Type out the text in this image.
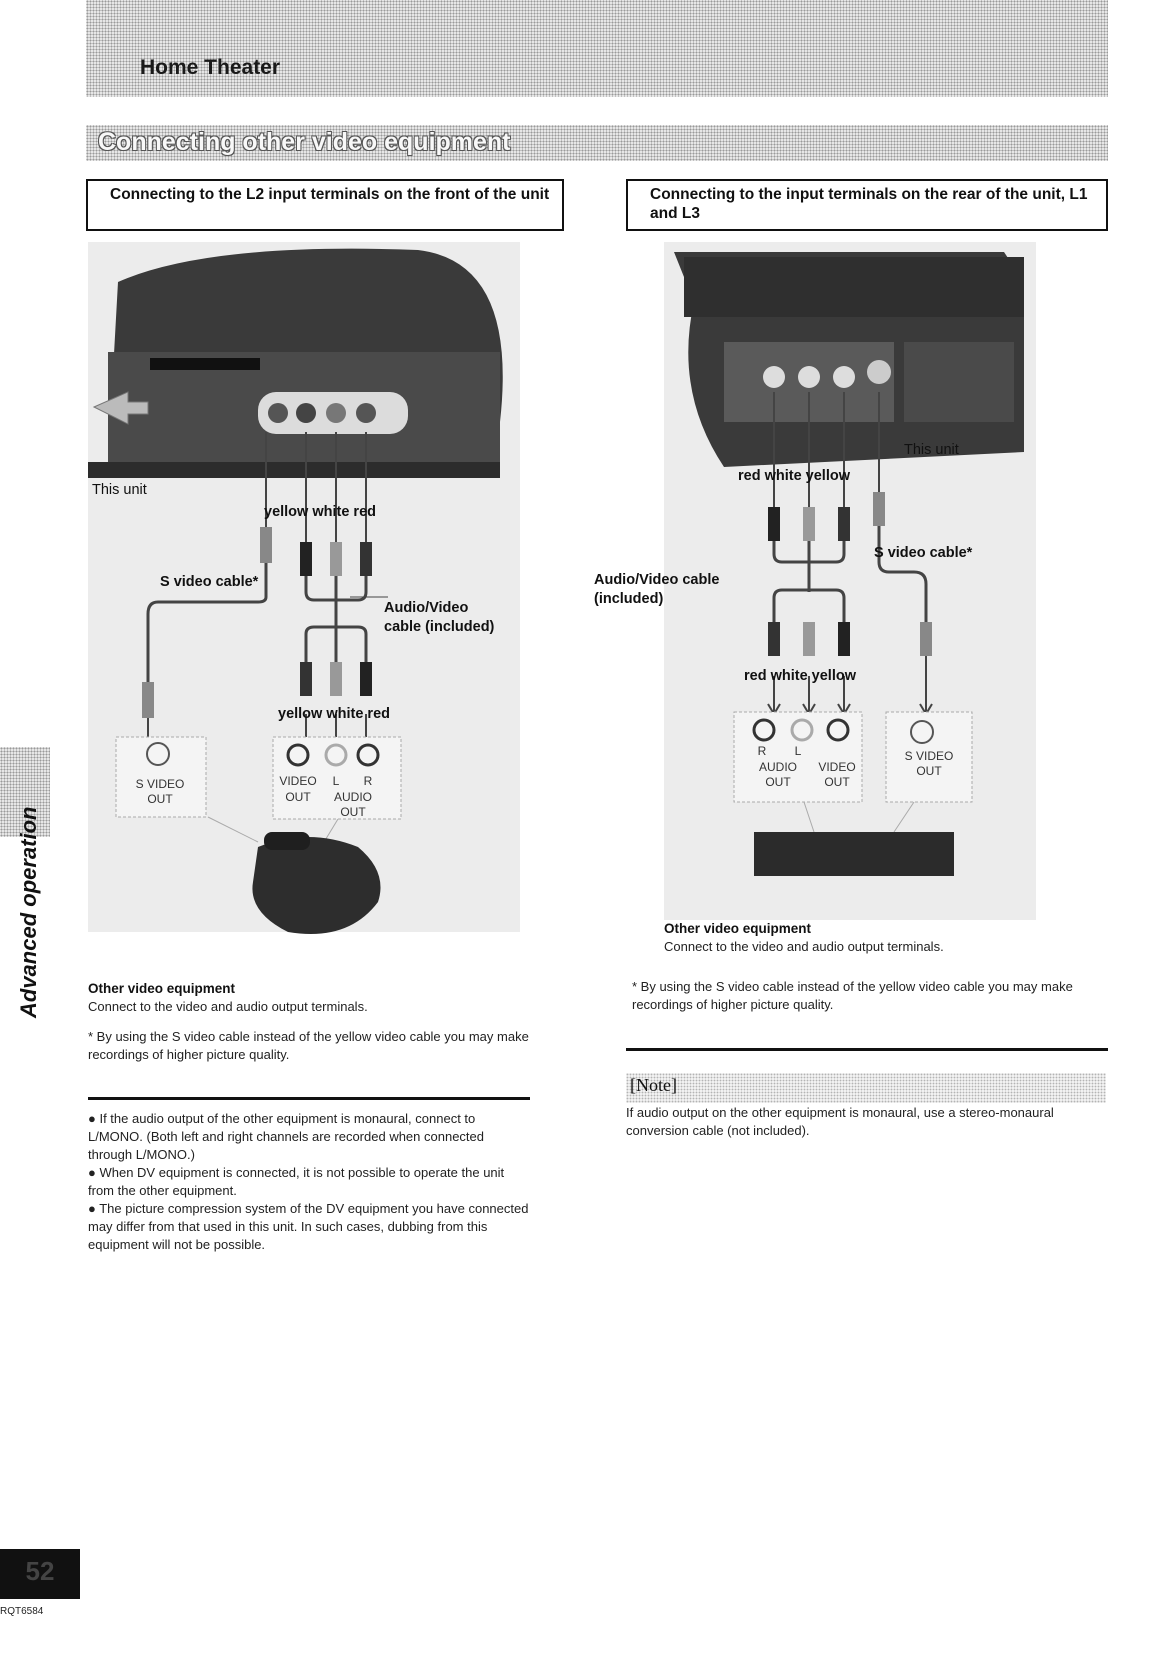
Home Theater
Connecting other video equipment
Connecting to the L2 input terminals on the front of the unit	Connecting to the input terminals on the rear of the unit, L1 and L3
This unit
yellow white red
S video cable*
Audio/Video
cable (included)
yellow white red
S VIDEO
OUT
VIDEO
OUT
L	R
AUDIO
OUT
Other video equipment
Connect to the video and audio output terminals.
* By using the S video cable instead of the yellow video cable you may make recordings of higher picture quality.
● If the audio output of the other equipment is monaural, connect to L/MONO. (Both left and right channels are recorded when connected through L/MONO.)
● When DV equipment is connected, it is not possible to operate the unit from the other equipment.
● The picture compression system of the DV equipment you have connected may differ from that used in this unit. In such cases, dubbing from this equipment will not be possible.
This unit
red white yellow
S video cable*
Audio/Video cable
(included)
red white yellow
R	L
AUDIO
OUT
VIDEO
OUT
S VIDEO
OUT
Other video equipment
Connect to the video and audio output terminals.
* By using the S video cable instead of the yellow video cable you may make recordings of higher picture quality.
[Note]
If audio output on the other equipment is monaural, use a stereo-monaural conversion cable (not included).
Advanced operation
52
RQT6584
